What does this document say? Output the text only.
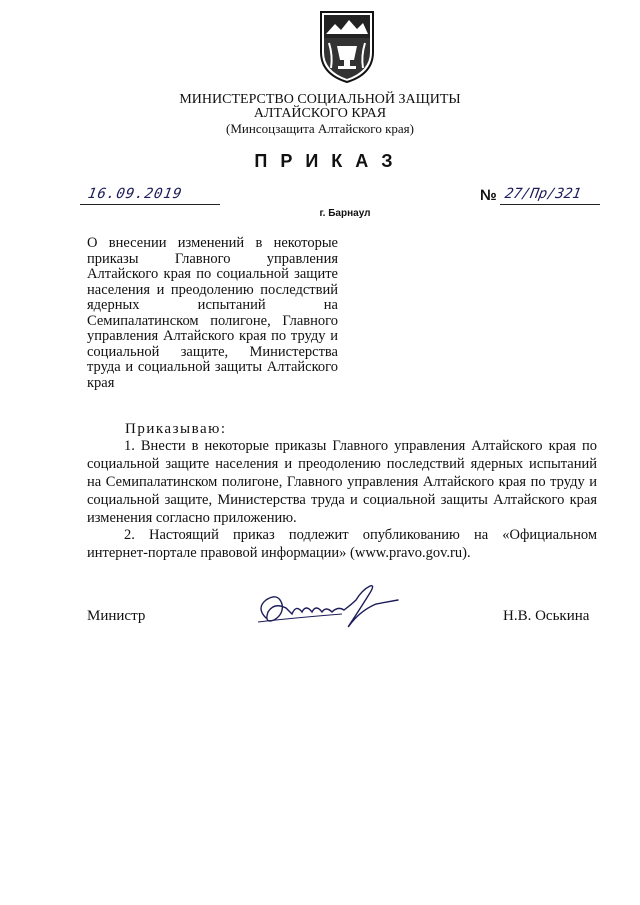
МИНИСТЕРСТВО СОЦИАЛЬНОЙ ЗАЩИТЫ
АЛТАЙСКОГО КРАЯ
(Минсоцзащита Алтайского края)
ПРИКАЗ
16.09.2019	№ 27/Пр/321
г. Барнаул
О внесении изменений в некоторые приказы Главного управления Алтайского края по социальной защите населения и преодолению последствий ядерных испытаний на Семипалатинском полигоне, Главного управления Алтайского края по труду и социальной защите, Министерства труда и социальной защиты Алтайского края
Приказываю:
1. Внести в некоторые приказы Главного управления Алтайского края по социальной защите населения и преодолению последствий ядерных испытаний на Семипалатинском полигоне, Главного управления Алтайского края по труду и социальной защите, Министерства труда и социальной защиты Алтайского края изменения согласно приложению.
2. Настоящий приказ подлежит опубликованию на «Официальном интернет-портале правовой информации» (www.pravo.gov.ru).
Министр	Н.В. Оськина
